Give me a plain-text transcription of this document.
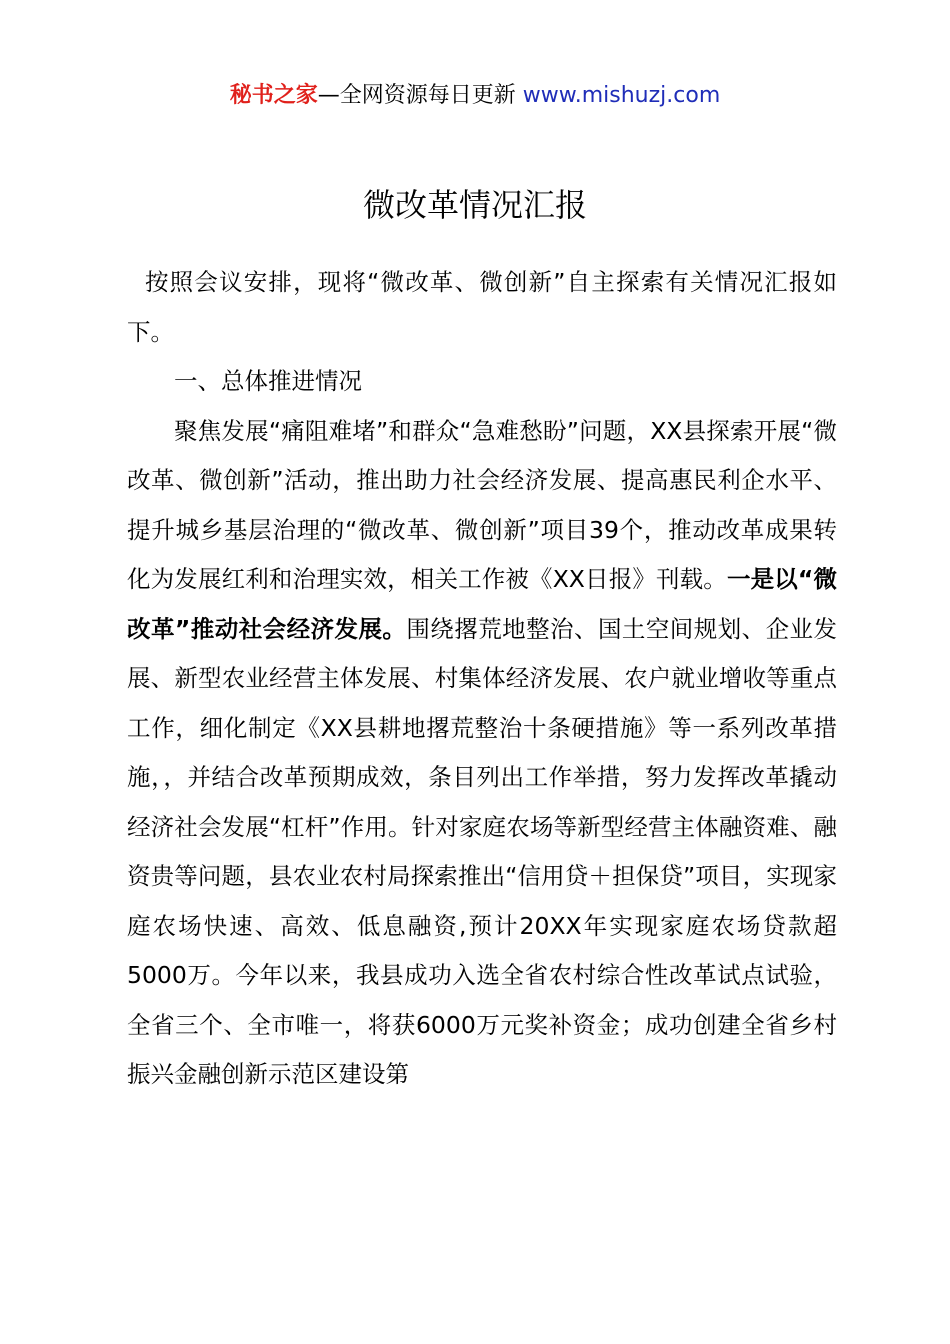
秘书之家—全网资源每日更新 www.mishuzj.com
微改革情况汇报

按照会议安排，现将“微改革、微创新”自主探索有关情况汇报如下。

一、总体推进情况

聚焦发展“痛阻难堵”和群众“急难愁盼”问题，XX县探索开展“微改革、微创新”活动，推出助力社会经济发展、提高惠民利企水平、提升城乡基层治理的“微改革、微创新”项目39个，推动改革成果转化为发展红利和治理实效，相关工作被《XX日报》刊载。一是以“微改革”推动社会经济发展。围绕撂荒地整治、国土空间规划、企业发展、新型农业经营主体发展、村集体经济发展、农户就业增收等重点工作，细化制定《XX县耕地撂荒整治十条硬措施》等一系列改革措施，，并结合改革预期成效，条目列出工作举措，努力发挥改革撬动经济社会发展“杠杆”作用。针对家庭农场等新型经营主体融资难、融资贵等问题，县农业农村局探索推出“信用贷＋担保贷”项目，实现家庭农场快速、高效、低息融资,预计20XX年实现家庭农场贷款超5000万。今年以来，我县成功入选全省农村综合性改革试点试验，全省三个、全市唯一，将获6000万元奖补资金；成功创建全省乡村振兴金融创新示范区建设第
